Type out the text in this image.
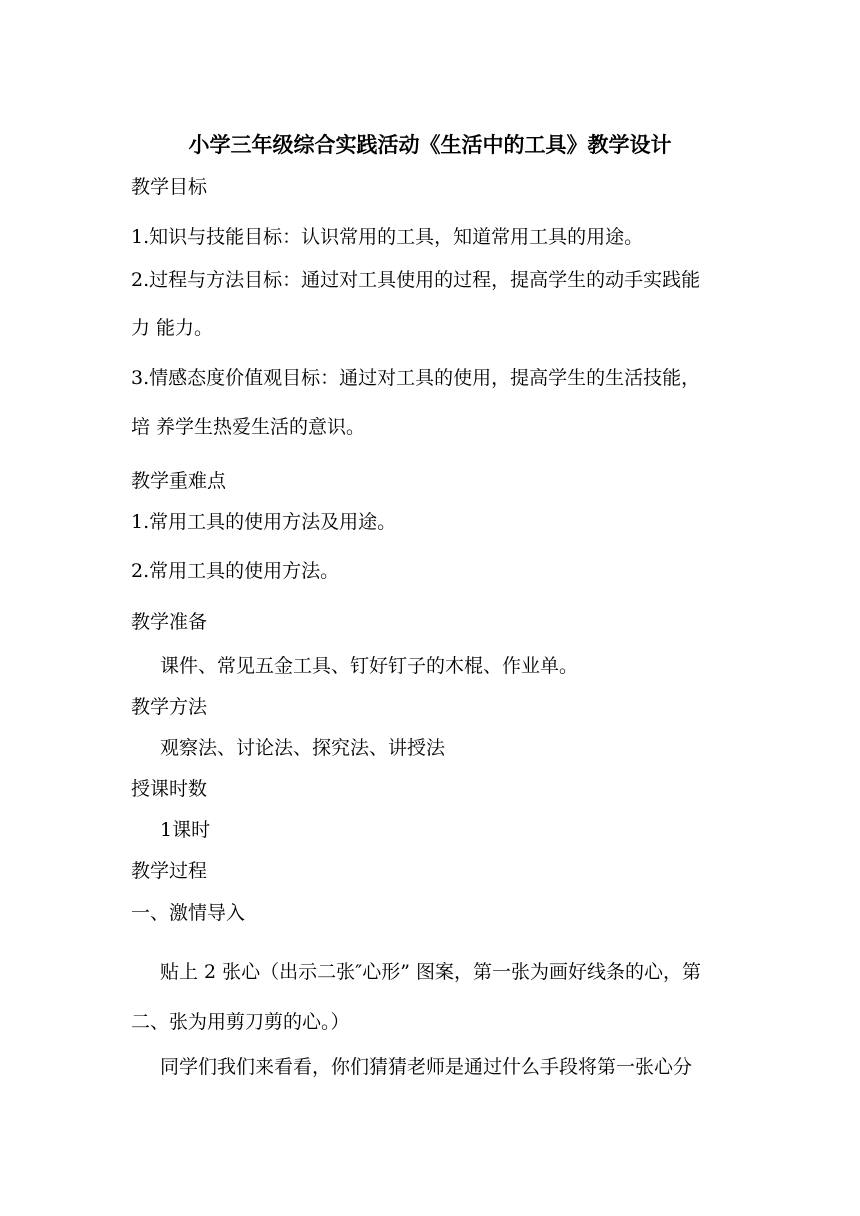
小学三年级综合实践活动《生活中的工具》教学设计

教学目标

1.知识与技能目标：认识常用的工具，知道常用工具的用途。

2.过程与方法目标：通过对工具使用的过程，提高学生的动手实践能

力 能力。

3.情感态度价值观目标：通过对工具的使用，提高学生的生活技能，

培 养学生热爱生活的意识。

教学重难点

1.常用工具的使用方法及用途。

2.常用工具的使用方法。

教学准备

课件、常见五金工具、钉好钉子的木棍、作业单。

教学方法

观察法、讨论法、探究法、讲授法

授课时数

1课时

教学过程

一、激情导入

贴上 2 张心（出示二张″心形” 图案，第一张为画好线条的心，第

二、张为用剪刀剪的心。）

同学们我们来看看，你们猜猜老师是通过什么手段将第一张心分
